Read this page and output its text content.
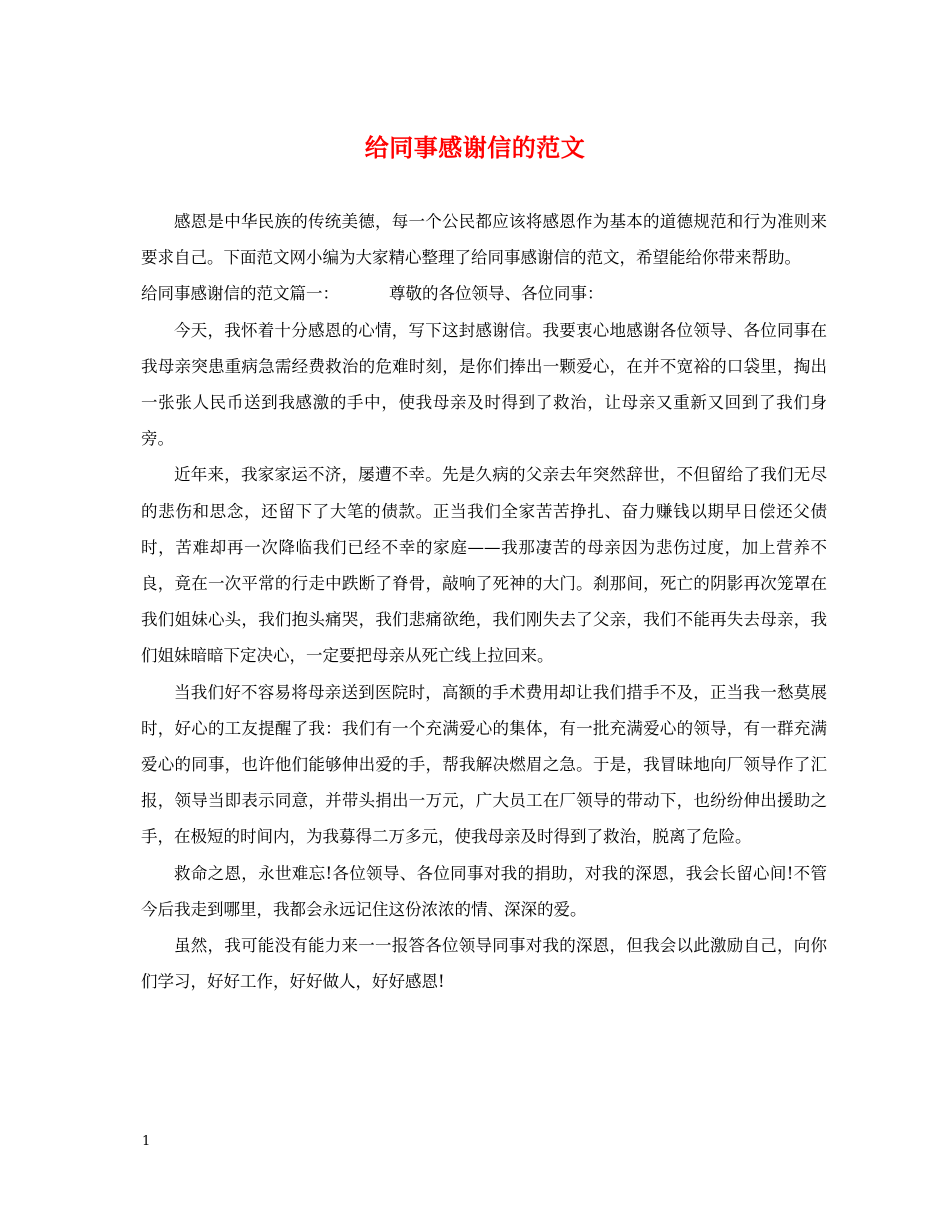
给同事感谢信的范文

感恩是中华民族的传统美德，每一个公民都应该将感恩作为基本的道德规范和行为准则来要求自己。下面范文网小编为大家精心整理了给同事感谢信的范文，希望能给你带来帮助。

给同事感谢信的范文篇一：	尊敬的各位领导、各位同事：

今天，我怀着十分感恩的心情，写下这封感谢信。我要衷心地感谢各位领导、各位同事在我母亲突患重病急需经费救治的危难时刻，是你们捧出一颗爱心，在并不宽裕的口袋里，掏出一张张人民币送到我感激的手中，使我母亲及时得到了救治，让母亲又重新又回到了我们身旁。

近年来，我家家运不济，屡遭不幸。先是久病的父亲去年突然辞世，不但留给了我们无尽的悲伤和思念，还留下了大笔的债款。正当我们全家苦苦挣扎、奋力赚钱以期早日偿还父债时，苦难却再一次降临我们已经不幸的家庭——我那凄苦的母亲因为悲伤过度，加上营养不良，竟在一次平常的行走中跌断了脊骨，敲响了死神的大门。刹那间，死亡的阴影再次笼罩在我们姐妹心头，我们抱头痛哭，我们悲痛欲绝，我们刚失去了父亲，我们不能再失去母亲，我们姐妹暗暗下定决心，一定要把母亲从死亡线上拉回来。

当我们好不容易将母亲送到医院时，高额的手术费用却让我们措手不及，正当我一愁莫展时，好心的工友提醒了我：我们有一个充满爱心的集体，有一批充满爱心的领导，有一群充满爱心的同事，也许他们能够伸出爱的手，帮我解决燃眉之急。于是，我冒昧地向厂领导作了汇报，领导当即表示同意，并带头捐出一万元，广大员工在厂领导的带动下，也纷纷伸出援助之手，在极短的时间内，为我募得二万多元，使我母亲及时得到了救治，脱离了危险。

救命之恩，永世难忘!各位领导、各位同事对我的捐助，对我的深恩，我会长留心间!不管今后我走到哪里，我都会永远记住这份浓浓的情、深深的爱。

虽然，我可能没有能力来一一报答各位领导同事对我的深恩，但我会以此激励自己，向你们学习，好好工作，好好做人，好好感恩!

1
